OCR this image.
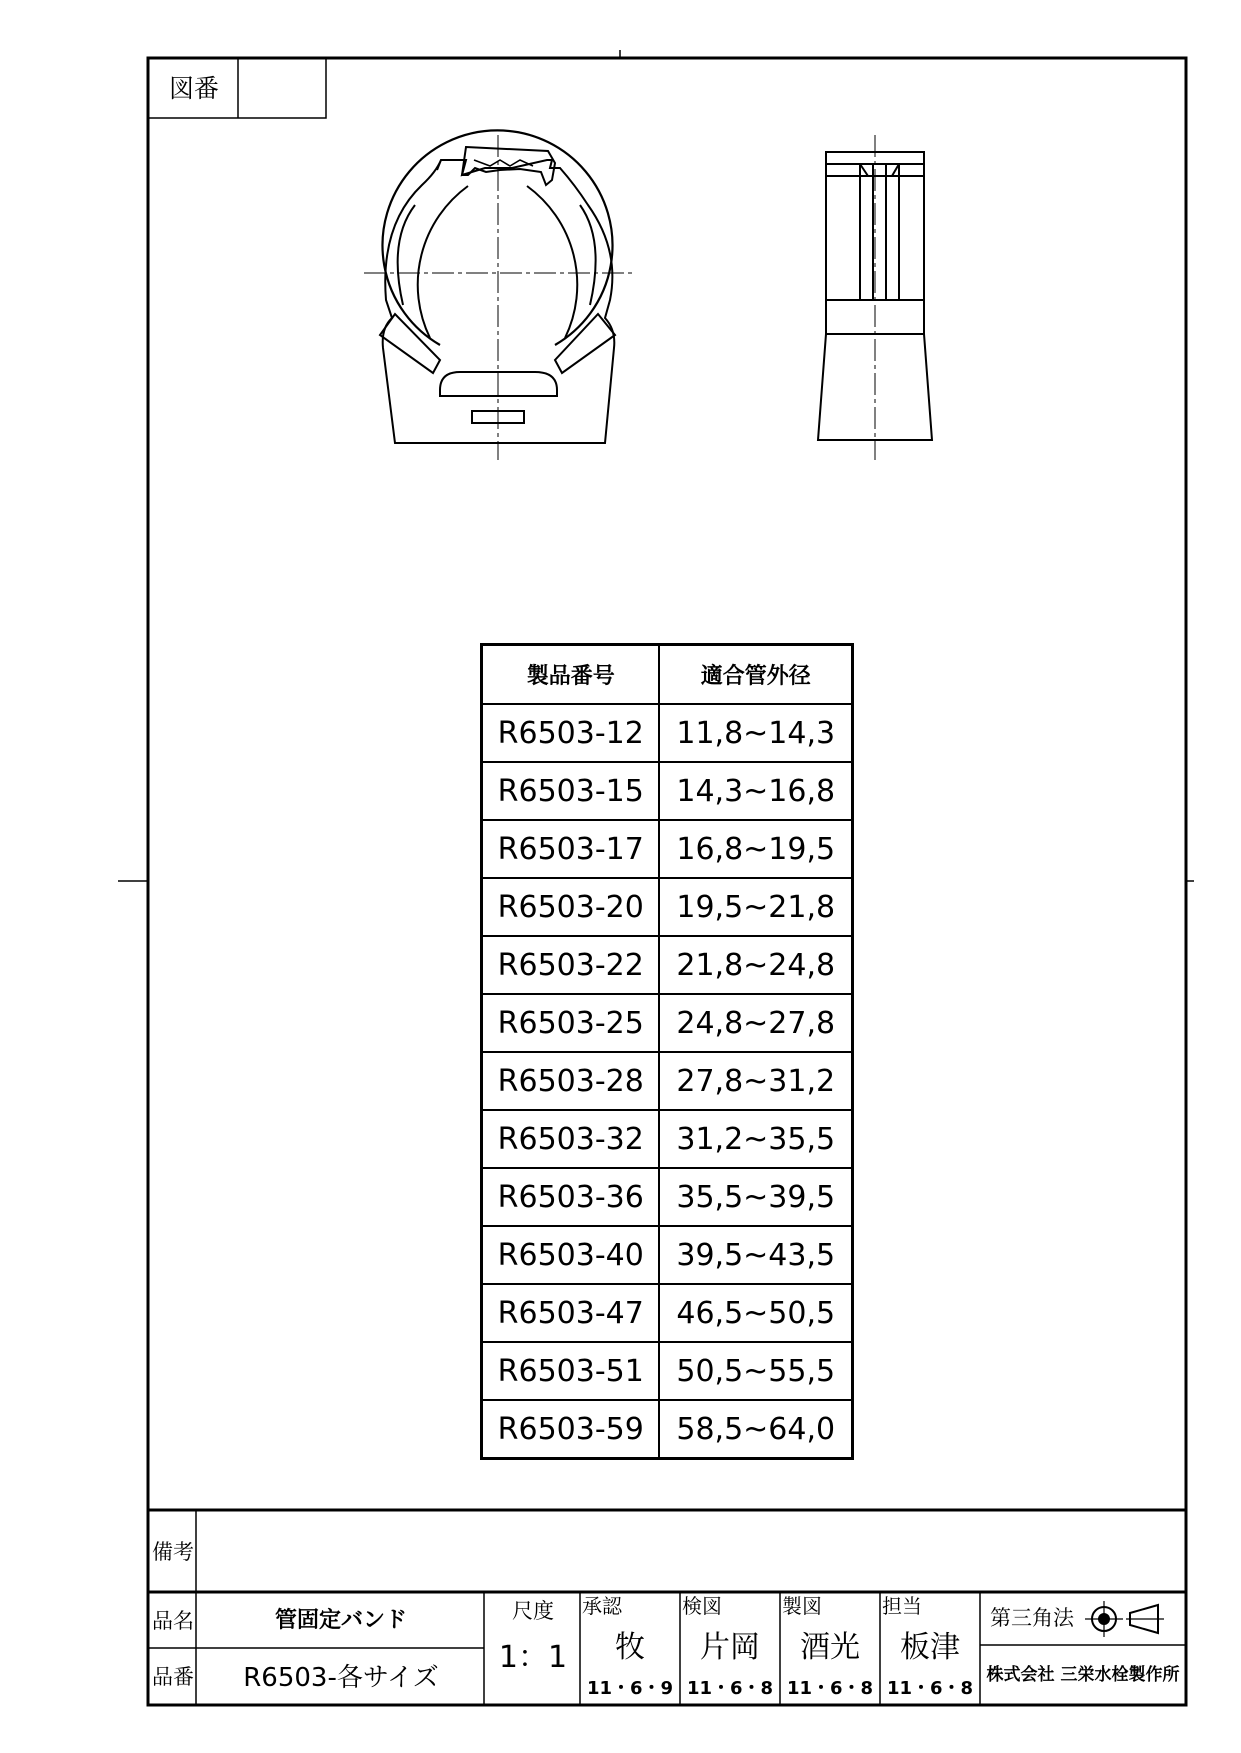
図番
製品番号	適合管外径
R6503-12	11,8~14,3
R6503-15	14,3~16,8
R6503-17	16,8~19,5
R6503-20	19,5~21,8
R6503-22	21,8~24,8
R6503-25	24,8~27,8
R6503-28	27,8~31,2
R6503-32	31,2~35,5
R6503-36	35,5~39,5
R6503-40	39,5~43,5
R6503-47	46,5~50,5
R6503-51	50,5~55,5
R6503-59	58,5~64,0
備考
品名	管固定バンド
品番	R6503-各サイズ
尺度
1：1
承認
牧
11・6・9
検図
片岡
11・6・8
製図
酒光
11・6・8
担当
板津
11・6・8
第三角法
株式会社 三栄水栓製作所
